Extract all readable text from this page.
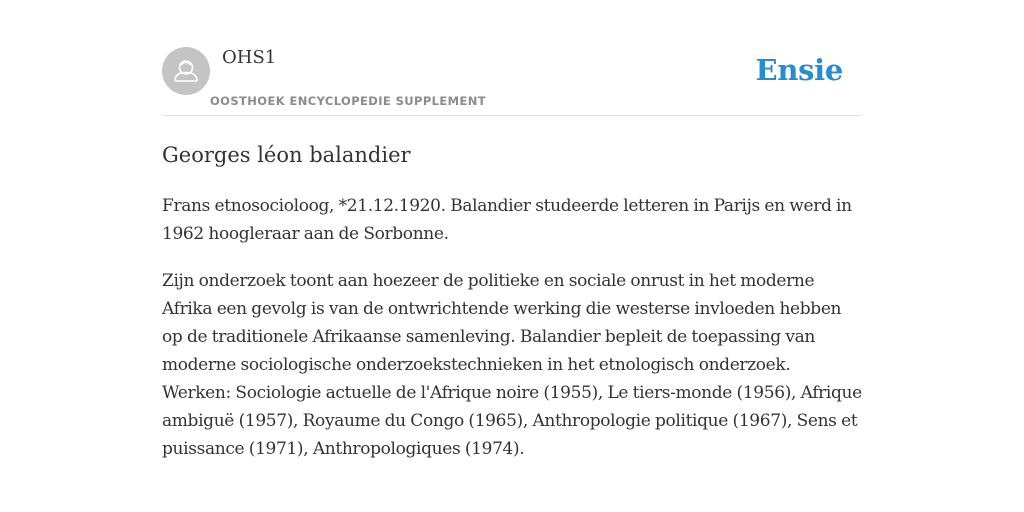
OHS1
OOSTHOEK ENCYCLOPEDIE SUPPLEMENT
Ensie
Georges léon balandier

Frans etnosocioloog, *21.12.1920. Balandier studeerde letteren in Parijs en werd in 1962 hoogleraar aan de Sorbonne.

Zijn onderzoek toont aan hoezeer de politieke en sociale onrust in het moderne Afrika een gevolg is van de ontwrichtende werking die westerse invloeden hebben op de traditionele Afrikaanse samenleving. Balandier bepleit de toepassing van moderne sociologische onderzoekstechnieken in het etnologisch onderzoek. Werken: Sociologie actuelle de l'Afrique noire (1955), Le tiers-monde (1956), Afrique ambiguë (1957), Royaume du Congo (1965), Anthropologie politique (1967), Sens et puissance (1971), Anthropologiques (1974).
